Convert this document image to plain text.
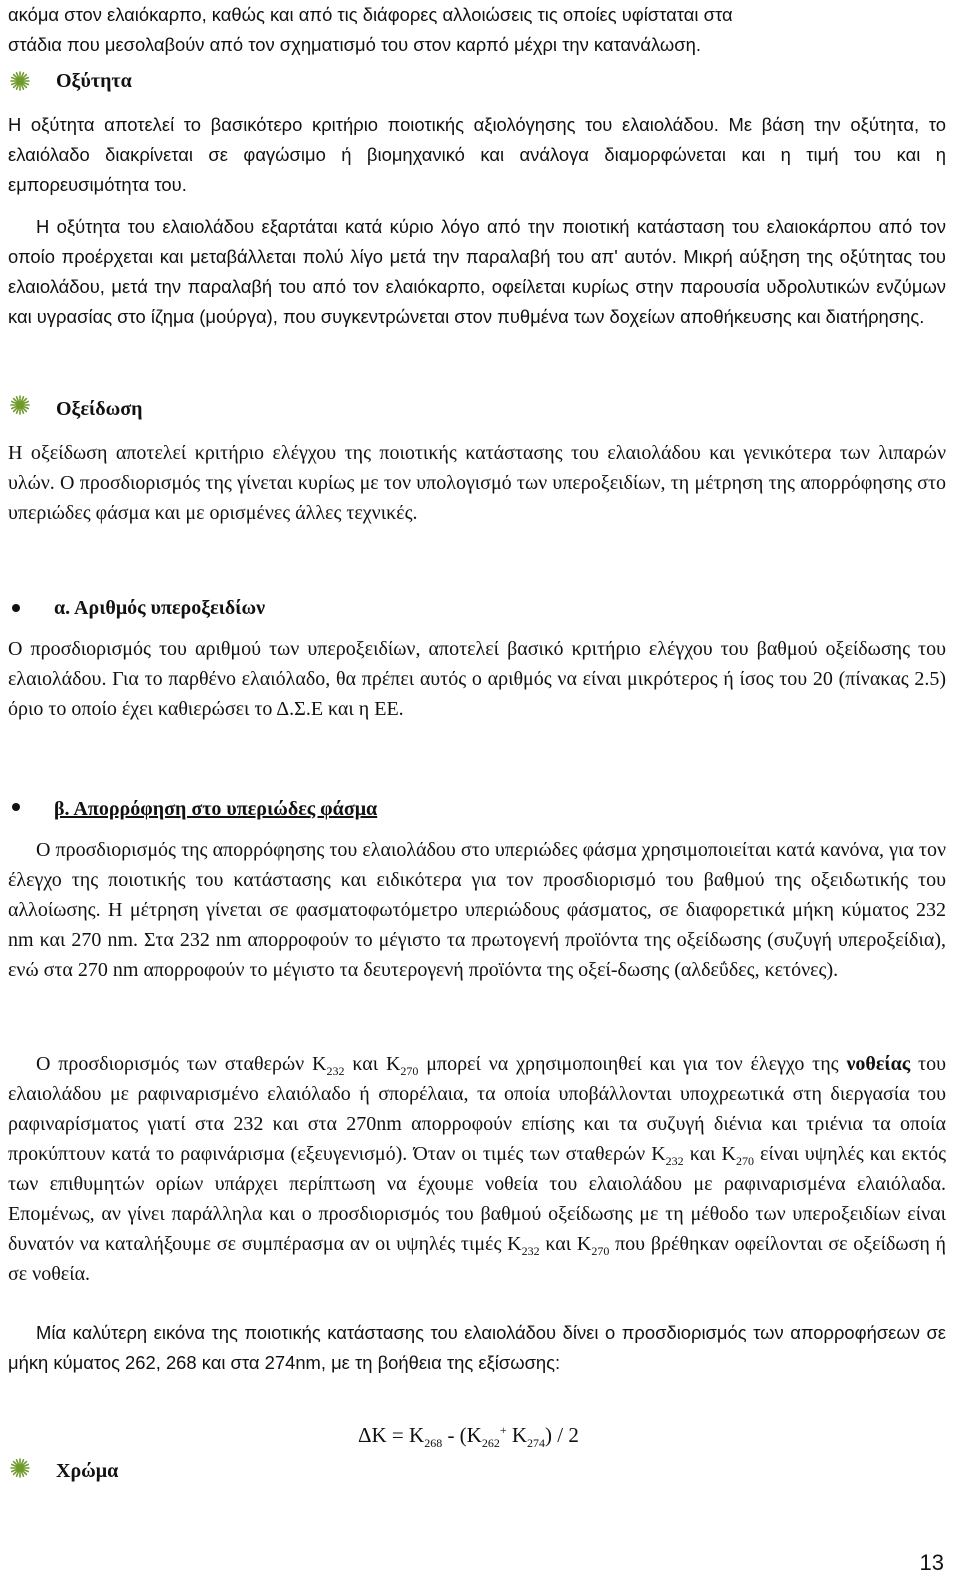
ακόμα στον ελαιόκαρπο, καθώς και από τις διάφορες αλλοιώσεις τις οποίες υφίσταται στα
στάδια που μεσολαβούν από τον σχηματισμό του στον καρπό μέχρι την κατανάλωση.

Οξύτητα

Η οξύτητα αποτελεί το βασικότερο κριτήριο ποιοτικής αξιολόγησης του ελαιολάδου. Με βάση την οξύτητα, το ελαιόλαδο διακρίνεται σε φαγώσιμο ή βιομηχανικό και ανάλογα διαμορφώνεται και η τιμή του και η εμπορευσιμότητα του.

Η οξύτητα του ελαιολάδου εξαρτάται κατά κύριο λόγο από την ποιοτική κατάσταση του ελαιοκάρπου από τον οποίο προέρχεται και μεταβάλλεται πολύ λίγο μετά την παραλαβή του απ' αυτόν. Μικρή αύξηση της οξύτητας του ελαιολάδου, μετά την παραλαβή του από τον ελαιόκαρπο, οφείλεται κυρίως στην παρουσία υδρολυτικών ενζύμων και υγρασίας στο ίζημα (μούργα), που συγκεντρώνεται στον πυθμένα των δοχείων αποθήκευσης και διατήρησης.

Οξείδωση

Η οξείδωση αποτελεί κριτήριο ελέγχου της ποιοτικής κατάστασης του ελαιολάδου και γενικότερα των λιπαρών υλών. Ο προσδιορισμός της γίνεται κυρίως με τον υπολογισμό των υπεροξειδίων, τη μέτρηση της απορρόφησης στο υπεριώδες φάσμα και με ορισμένες άλλες τεχνικές.

α. Αριθμός υπεροξειδίων

Ο προσδιορισμός του αριθμού των υπεροξειδίων, αποτελεί βασικό κριτήριο ελέγχου του βαθμού οξείδωσης του ελαιολάδου. Για το παρθένο ελαιόλαδο, θα πρέπει αυτός ο αριθμός να είναι μικρότερος ή ίσος του 20 (πίνακας 2.5) όριο το οποίο έχει καθιερώσει το Δ.Σ.Ε και η ΕΕ.

β. Απορρόφηση στο υπεριώδες φάσμα

Ο προσδιορισμός της απορρόφησης του ελαιολάδου στο υπεριώδες φάσμα χρησιμοποιείται κατά κανόνα, για τον έλεγχο της ποιοτικής του κατάστασης και ειδικότερα για τον προσδιορισμό του βαθμού της οξειδωτικής του αλλοίωσης. Η μέτρηση γίνεται σε φασματοφωτόμετρο υπεριώδους φάσματος, σε διαφορετικά μήκη κύματος 232 nm και 270 nm. Στα 232 nm απορροφούν το μέγιστο τα πρωτογενή προϊόντα της οξείδωσης (συζυγή υπεροξείδια), ενώ στα 270 nm απορροφούν το μέγιστο τα δευτερογενή προϊόντα της οξεί-δωσης (αλδεΰδες, κετόνες).

Ο προσδιορισμός των σταθερών $K_{232}$ και $K_{270}$ μπορεί να χρησιμοποιηθεί και για τον έλεγχο της νοθείας του ελαιολάδου με ραφιναρισμένο ελαιόλαδο ή σπορέλαια, τα οποία υποβάλλονται υποχρεωτικά στη διεργασία του ραφιναρίσματος γιατί στα 232 και στα 270nm απορροφούν επίσης και τα συζυγή διένια και τριένια τα οποία προκύπτουν κατά το ραφινάρισμα (εξευγενισμό). Όταν οι τιμές των σταθερών $K_{232}$ και $K_{270}$ είναι υψηλές και εκτός των επιθυμητών ορίων υπάρχει περίπτωση να έχουμε νοθεία του ελαιολάδου με ραφιναρισμένα ελαιόλαδα. Επομένως, αν γίνει παράλληλα και ο προσδιορισμός του βαθμού οξείδωσης με τη μέθοδο των υπεροξειδίων είναι δυνατόν να καταλήξουμε σε συμπέρασμα αν οι υψηλές τιμές $K_{232}$ και $K_{270}$ που βρέθηκαν οφείλονται σε οξείδωση ή σε νοθεία.

Μία καλύτερη εικόνα της ποιοτικής κατάστασης του ελαιολάδου δίνει ο προσδιορισμός των απορροφήσεων σε μήκη κύματος 262, 268 και στα 274nm, με τη βοήθεια της εξίσωσης:

$\Delta K = K_{268} - (K_{262}^+$ $K_{274}) / 2$
Χρώμα
13
